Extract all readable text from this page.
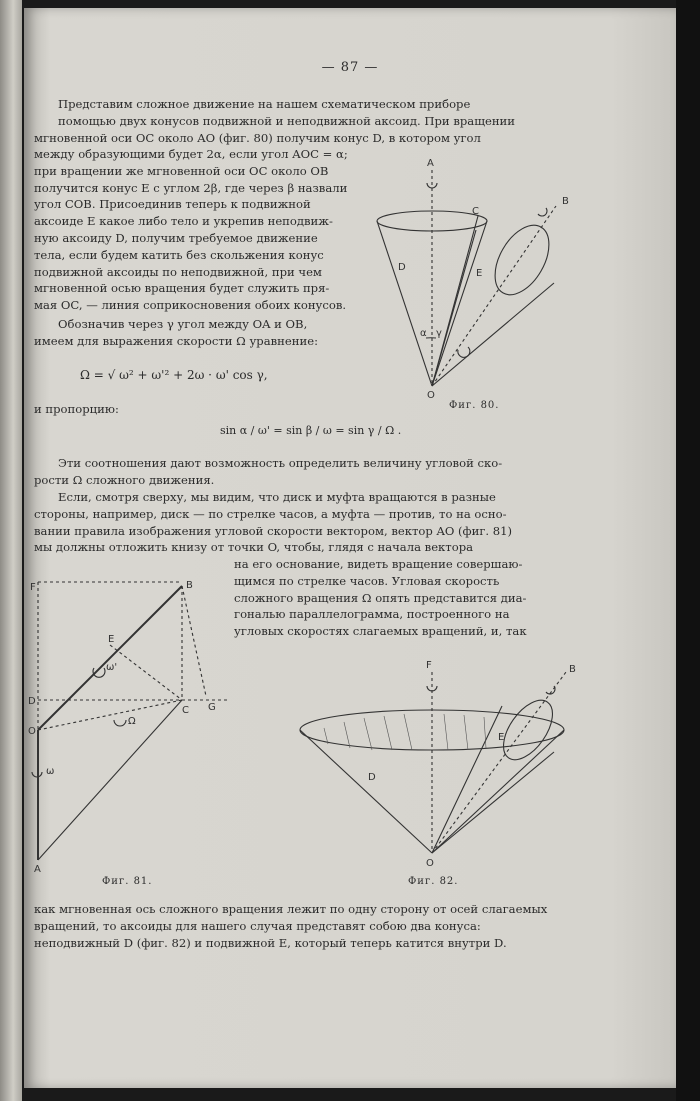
— 87 —
Представим сложное движение на нашем схематическом приборе
помощью двух конусов подвижной и неподвижной аксоид. При вращении
мгновенной оси OC около AO (фиг. 80) получим конус D, в котором угол
между образующими будет 2α, если угол AOC = α;
при вращении же мгновенной оси OC около OB
получится конус E с углом 2β, где через β назвали
угол COB. Присоединив теперь к подвижной
аксоиде E какое либо тело и укрепив неподвиж-
ную аксоиду D, получим требуемое движение
тела, если будем катить без скольжения конус
подвижной аксоиды по неподвижной, при чем
мгновенной осью вращения будет служить пря-
мая OC, — линия соприкосновения обоих конусов.
Обозначив через γ угол между OA и OB,
имеем для выражения скорости Ω уравнение:
Ω = √ ω² + ω'² + 2ω · ω' cos γ,
и пропорцию:
sin α / ω' = sin β / ω = sin γ / Ω .
A
B
C
D
E
O
α γ
Фиг. 80.
Эти соотношения дают возможность определить величину угловой ско-
рости Ω сложного движения.
Если, смотря сверху, мы видим, что диск и муфта вращаются в разные
стороны, например, диск — по стрелке часов, а муфта — против, то на осно-
вании правила изображения угловой скорости вектором, вектор AO (фиг. 81)
мы должны отложить книзу от точки O, чтобы, глядя с начала вектора
на его основание, видеть вращение совершаю-
щимся по стрелке часов. Угловая скорость
сложного вращения Ω опять представится диа-
гональю параллелограмма, построенного на
угловых скоростях слагаемых вращений, и, так
F	B
E
D
C G
O
A
ω
ω'
Ω
Фиг. 81.
F	B
E
D
O
Фиг. 82.
как мгновенная ось сложного вращения лежит по одну сторону от осей слагаемых
вращений, то аксоиды для нашего случая представят собою два конуса:
неподвижный D (фиг. 82) и подвижной E, который теперь катится внутри D.
